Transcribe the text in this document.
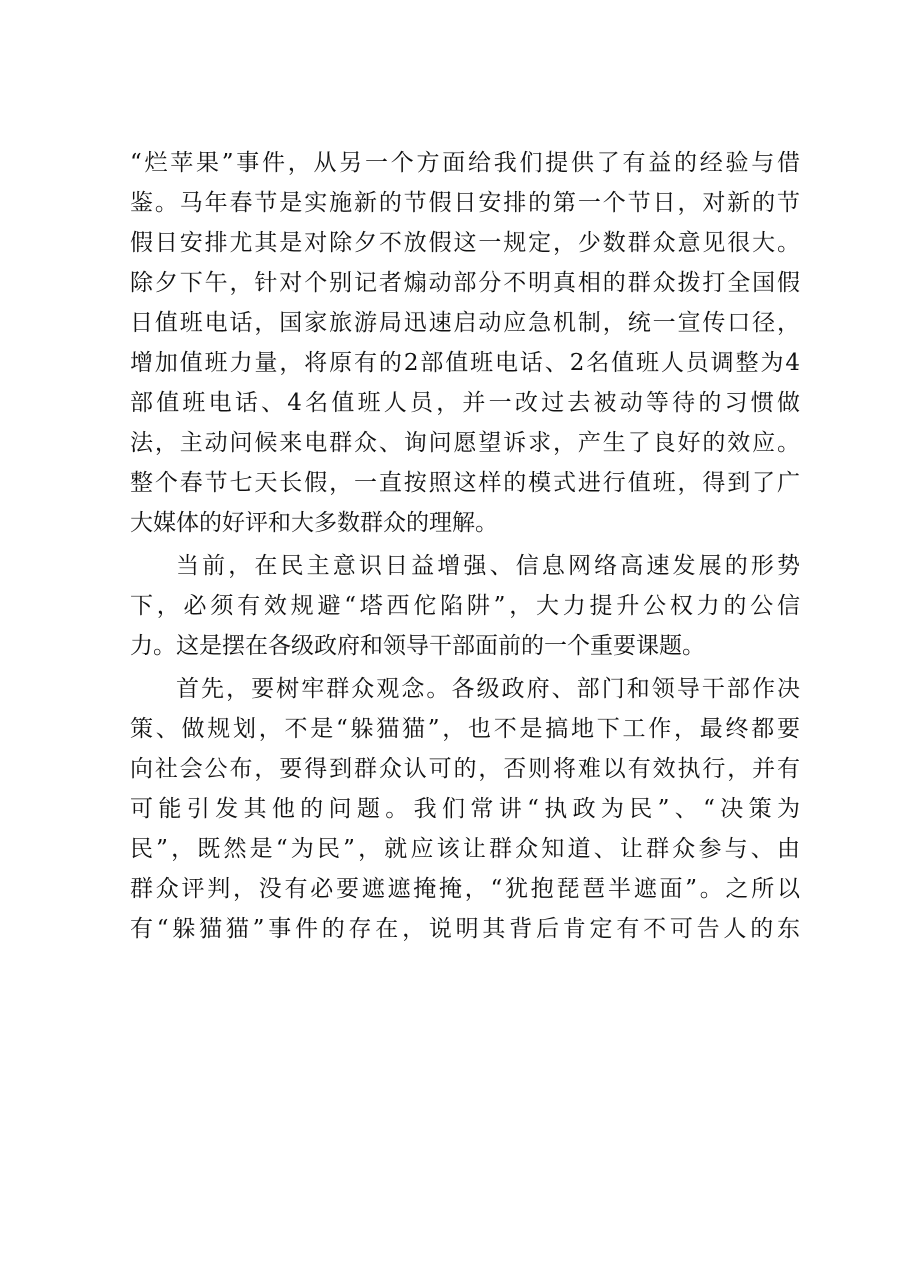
“烂苹果”事件，从另一个方面给我们提供了有益的经验与借
鉴。马年春节是实施新的节假日安排的第一个节日，对新的节
假日安排尤其是对除夕不放假这一规定，少数群众意见很大。
除夕下午，针对个别记者煽动部分不明真相的群众拨打全国假
日值班电话，国家旅游局迅速启动应急机制，统一宣传口径，
增加值班力量，将原有的2部值班电话、2名值班人员调整为4
部值班电话、4名值班人员，并一改过去被动等待的习惯做
法，主动问候来电群众、询问愿望诉求，产生了良好的效应。
整个春节七天长假，一直按照这样的模式进行值班，得到了广
大媒体的好评和大多数群众的理解。
当前，在民主意识日益增强、信息网络高速发展的形势
下，必须有效规避“塔西佗陷阱”，大力提升公权力的公信
力。这是摆在各级政府和领导干部面前的一个重要课题。
首先，要树牢群众观念。各级政府、部门和领导干部作决
策、做规划，不是“躲猫猫”，也不是搞地下工作，最终都要
向社会公布，要得到群众认可的，否则将难以有效执行，并有
可能引发其他的问题。我们常讲“执政为民”、“决策为
民”，既然是“为民”，就应该让群众知道、让群众参与、由
群众评判，没有必要遮遮掩掩，“犹抱琵琶半遮面”。之所以
有“躲猫猫”事件的存在，说明其背后肯定有不可告人的东
